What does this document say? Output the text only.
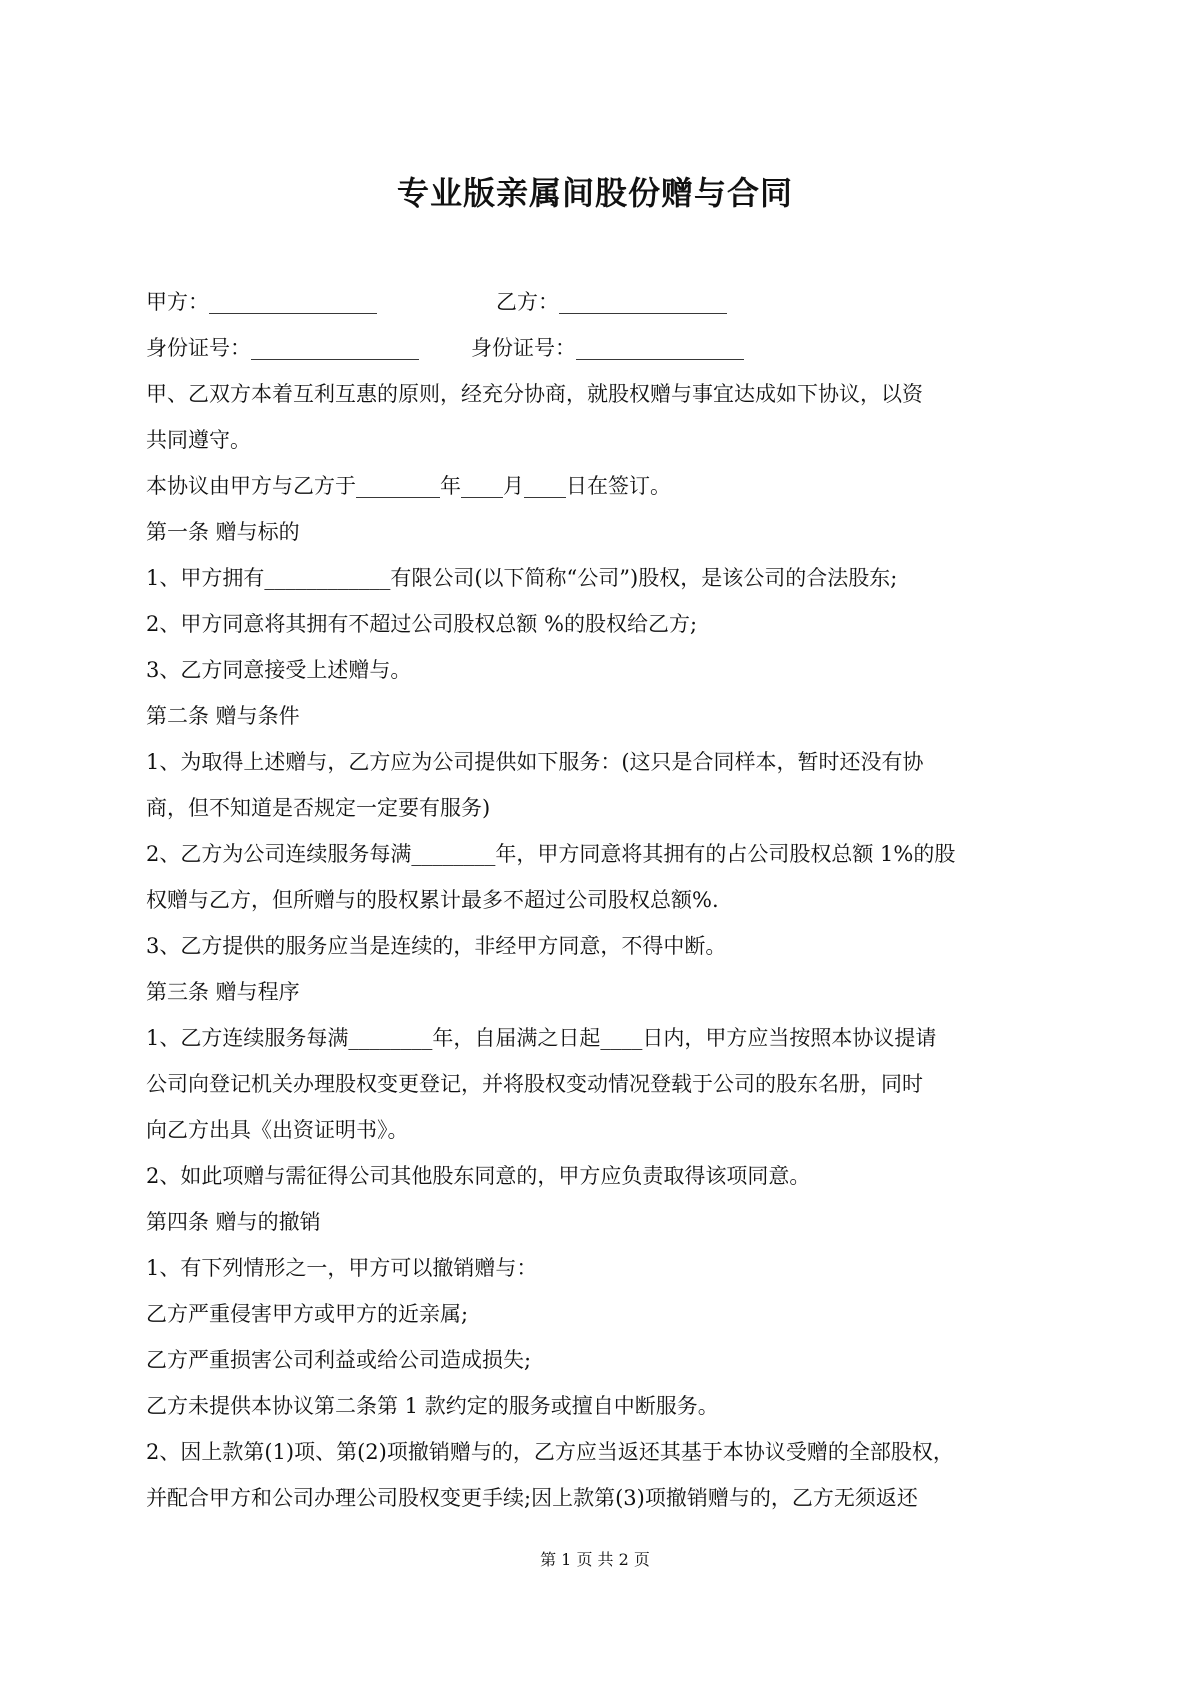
专业版亲属间股份赠与合同
甲方：________________	乙方：________________
身份证号：________________	身份证号：________________
甲、乙双方本着互利互惠的原则，经充分协商，就股权赠与事宜达成如下协议，以资
共同遵守。
本协议由甲方与乙方于________年____月____日在签订。
第一条 赠与标的
1、甲方拥有____________有限公司(以下简称“公司”)股权，是该公司的合法股东;
2、甲方同意将其拥有不超过公司股权总额 %的股权给乙方;
3、乙方同意接受上述赠与。
第二条 赠与条件
1、为取得上述赠与，乙方应为公司提供如下服务：(这只是合同样本，暂时还没有协
商，但不知道是否规定一定要有服务)
2、乙方为公司连续服务每满________年，甲方同意将其拥有的占公司股权总额 1%的股
权赠与乙方，但所赠与的股权累计最多不超过公司股权总额%.
3、乙方提供的服务应当是连续的，非经甲方同意，不得中断。
第三条 赠与程序
1、乙方连续服务每满________年，自届满之日起____日内，甲方应当按照本协议提请
公司向登记机关办理股权变更登记，并将股权变动情况登载于公司的股东名册，同时
向乙方出具《出资证明书》。
2、如此项赠与需征得公司其他股东同意的，甲方应负责取得该项同意。
第四条 赠与的撤销
1、有下列情形之一，甲方可以撤销赠与：
乙方严重侵害甲方或甲方的近亲属;
乙方严重损害公司利益或给公司造成损失;
乙方未提供本协议第二条第 1 款约定的服务或擅自中断服务。
2、因上款第(1)项、第(2)项撤销赠与的，乙方应当返还其基于本协议受赠的全部股权，
并配合甲方和公司办理公司股权变更手续;因上款第(3)项撤销赠与的，乙方无须返还
第 1 页 共 2 页
